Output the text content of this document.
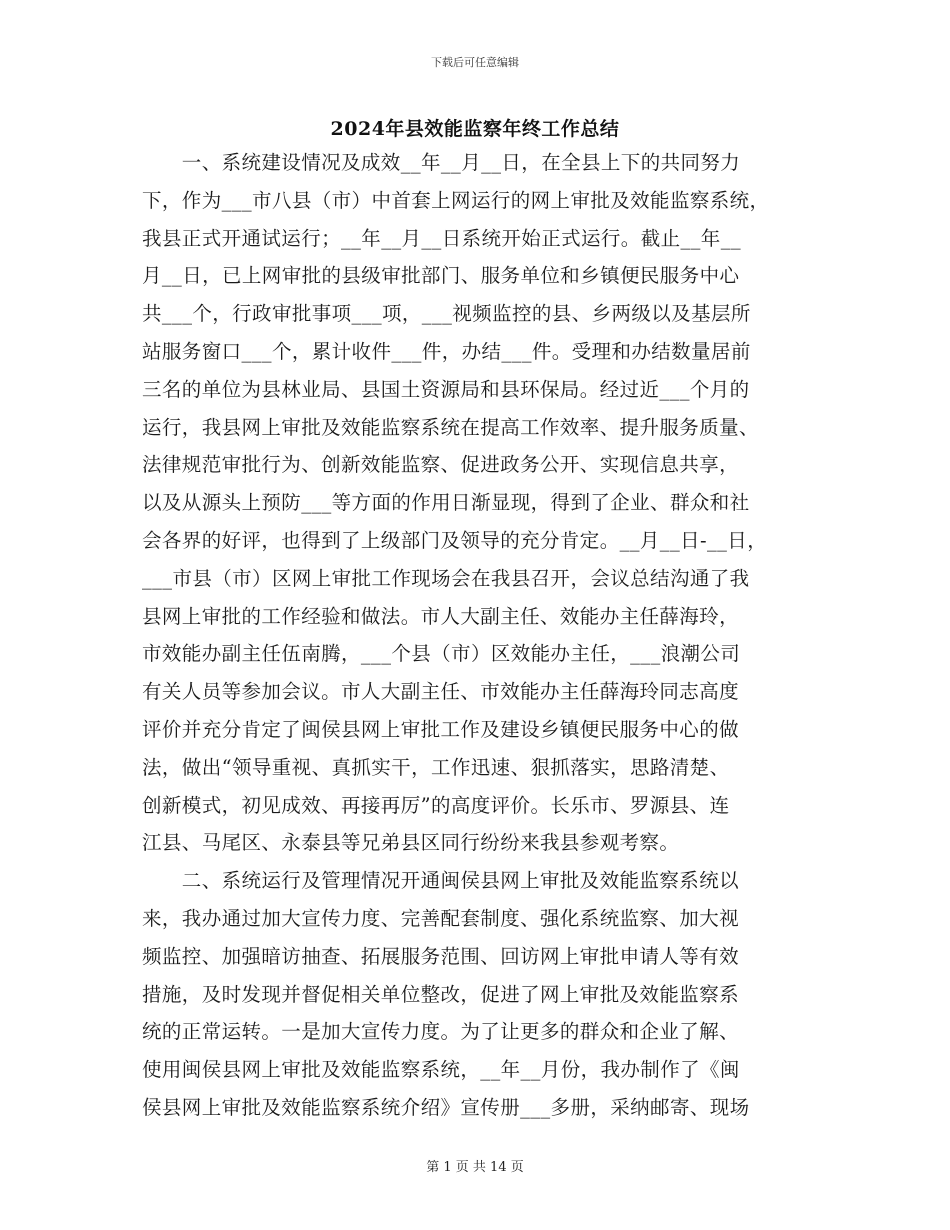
下载后可任意编辑
2024年县效能监察年终工作总结
　　一、系统建设情况及成效__年__月__日，在全县上下的共同努力
下，作为___市八县（市）中首套上网运行的网上审批及效能监察系统，
我县正式开通试运行；__年__月__日系统开始正式运行。截止__年__
月__日，已上网审批的县级审批部门、服务单位和乡镇便民服务中心
共___个，行政审批事项___项，___视频监控的县、乡两级以及基层所
站服务窗口___个，累计收件___件，办结___件。受理和办结数量居前
三名的单位为县林业局、县国土资源局和县环保局。经过近___个月的
运行，我县网上审批及效能监察系统在提高工作效率、提升服务质量、
法律规范审批行为、创新效能监察、促进政务公开、实现信息共享，
以及从源头上预防___等方面的作用日渐显现，得到了企业、群众和社
会各界的好评，也得到了上级部门及领导的充分肯定。__月__日-__日，
___市县（市）区网上审批工作现场会在我县召开，会议总结沟通了我
县网上审批的工作经验和做法。市人大副主任、效能办主任薛海玲，
市效能办副主任伍南腾，___个县（市）区效能办主任，___浪潮公司
有关人员等参加会议。市人大副主任、市效能办主任薛海玲同志高度
评价并充分肯定了闽侯县网上审批工作及建设乡镇便民服务中心的做
法，做出“领导重视、真抓实干，工作迅速、狠抓落实，思路清楚、
创新模式，初见成效、再接再厉”的高度评价。长乐市、罗源县、连
江县、马尾区、永泰县等兄弟县区同行纷纷来我县参观考察。
　　二、系统运行及管理情况开通闽侯县网上审批及效能监察系统以
来，我办通过加大宣传力度、完善配套制度、强化系统监察、加大视
频监控、加强暗访抽查、拓展服务范围、回访网上审批申请人等有效
措施，及时发现并督促相关单位整改，促进了网上审批及效能监察系
统的正常运转。一是加大宣传力度。为了让更多的群众和企业了解、
使用闽侯县网上审批及效能监察系统，__年__月份，我办制作了《闽
侯县网上审批及效能监察系统介绍》宣传册___多册，采纳邮寄、现场
第 1 页 共 14 页
